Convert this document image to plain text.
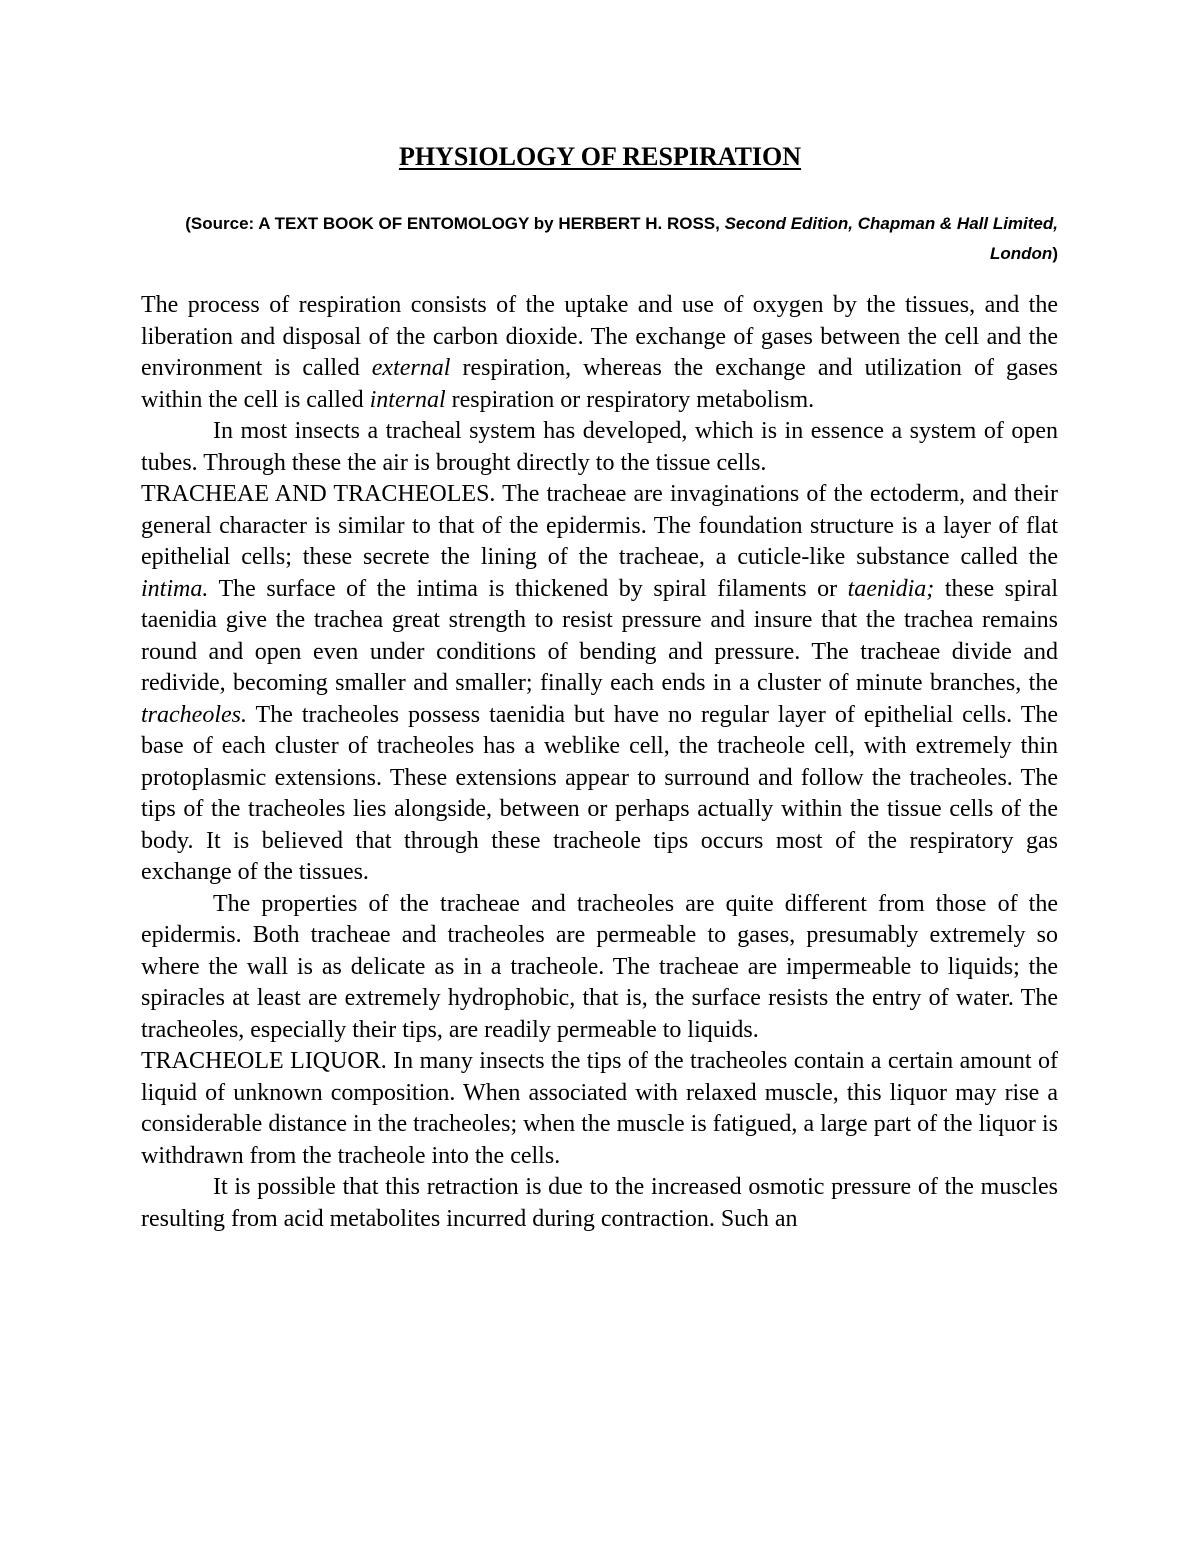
PHYSIOLOGY OF RESPIRATION
(Source: A TEXT BOOK OF ENTOMOLOGY by HERBERT H. ROSS, Second Edition, Chapman & Hall Limited, London)

The process of respiration consists of the uptake and use of oxygen by the tissues, and the liberation and disposal of the carbon dioxide. The exchange of gases between the cell and the environment is called external respiration, whereas the exchange and utilization of gases within the cell is called internal respiration or respiratory metabolism.

In most insects a tracheal system has developed, which is in essence a system of open tubes. Through these the air is brought directly to the tissue cells.

TRACHEAE AND TRACHEOLES. The tracheae are invaginations of the ectoderm, and their general character is similar to that of the epidermis. The foundation structure is a layer of flat epithelial cells; these secrete the lining of the tracheae, a cuticle-like substance called the intima. The surface of the intima is thickened by spiral filaments or taenidia; these spiral taenidia give the trachea great strength to resist pressure and insure that the trachea remains round and open even under conditions of bending and pressure. The tracheae divide and redivide, becoming smaller and smaller; finally each ends in a cluster of minute branches, the tracheoles. The tracheoles possess taenidia but have no regular layer of epithelial cells. The base of each cluster of tracheoles has a weblike cell, the tracheole cell, with extremely thin protoplasmic extensions. These extensions appear to surround and follow the tracheoles. The tips of the tracheoles lies alongside, between or perhaps actually within the tissue cells of the body. It is believed that through these tracheole tips occurs most of the respiratory gas exchange of the tissues.

The properties of the tracheae and tracheoles are quite different from those of the epidermis. Both tracheae and tracheoles are permeable to gases, presumably extremely so where the wall is as delicate as in a tracheole. The tracheae are impermeable to liquids; the spiracles at least are extremely hydrophobic, that is, the surface resists the entry of water. The tracheoles, especially their tips, are readily permeable to liquids.

TRACHEOLE LIQUOR. In many insects the tips of the tracheoles contain a certain amount of liquid of unknown composition. When associated with relaxed muscle, this liquor may rise a considerable distance in the tracheoles; when the muscle is fatigued, a large part of the liquor is withdrawn from the tracheole into the cells.

It is possible that this retraction is due to the increased osmotic pressure of the muscles resulting from acid metabolites incurred during contraction. Such an
